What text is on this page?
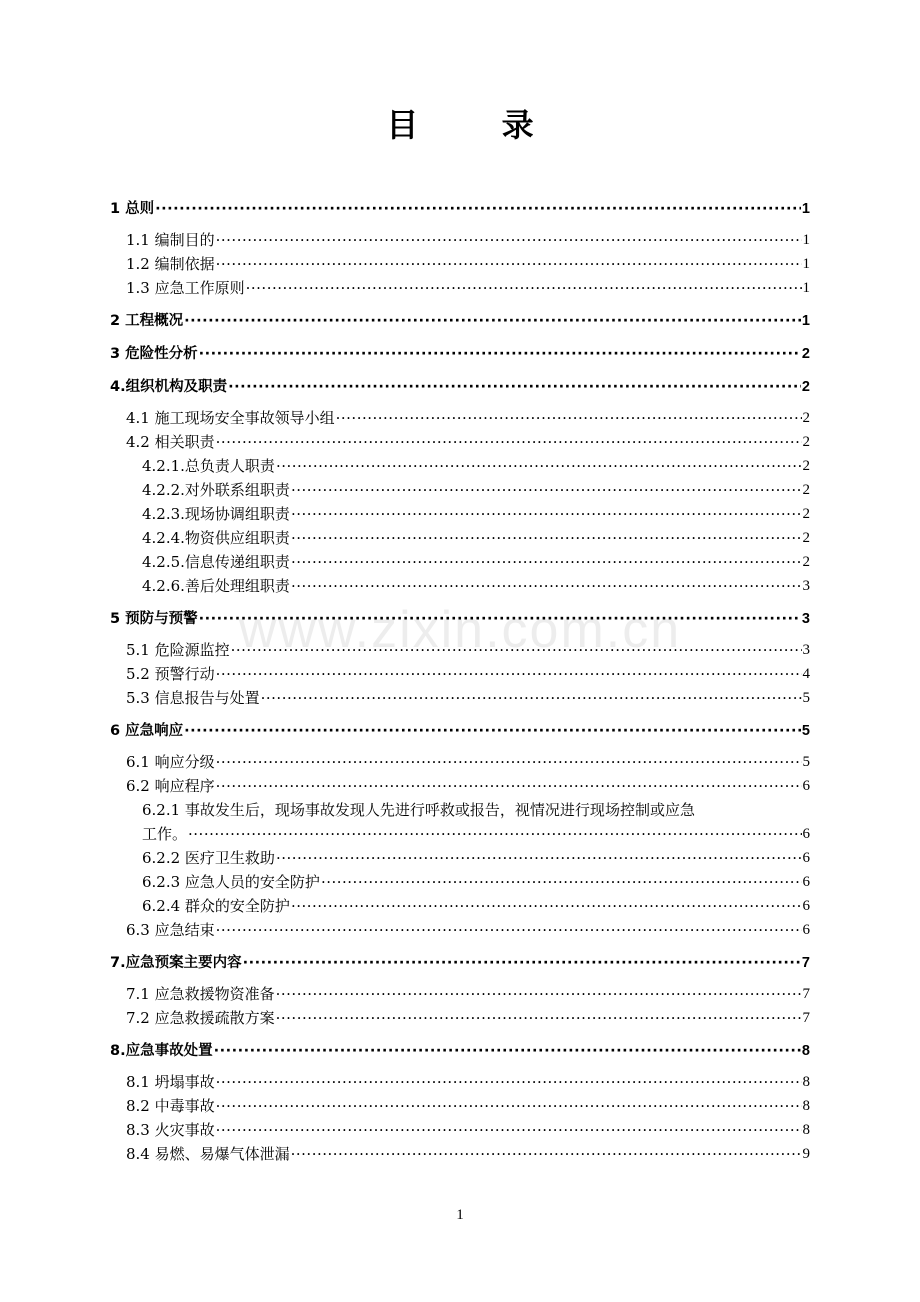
目 录
www.zixin.com.cn
1 总则 ·····	1
1.1 编制目的 ·····	1
1.2 编制依据 ·····	1
1.3 应急工作原则 ·····	1
2 工程概况 ·····	1
3 危险性分析 ·····	2
4.组织机构及职责 ·····	2
4.1 施工现场安全事故领导小组 ·····	2
4.2 相关职责 ·····	2
4.2.1.总负责人职责 ·····	2
4.2.2.对外联系组职责 ·····	2
4.2.3.现场协调组职责 ·····	2
4.2.4.物资供应组职责 ·····	2
4.2.5.信息传递组职责 ·····	2
4.2.6.善后处理组职责 ·····	3
5 预防与预警 ·····	3
5.1 危险源监控 ·····	3
5.2 预警行动 ·····	4
5.3 信息报告与处置 ·····	5
6 应急响应 ·····	5
6.1 响应分级 ·····	5
6.2 响应程序 ·····	6
6.2.1 事故发生后，现场事故发现人先进行呼救或报告，视情况进行现场控制或应急
工作。 ·····	6
6.2.2 医疗卫生救助 ·····	6
6.2.3 应急人员的安全防护 ·····	6
6.2.4 群众的安全防护 ·····	6
6.3 应急结束 ·····	6
7.应急预案主要内容 ·····	7
7.1 应急救援物资准备 ·····	7
7.2 应急救援疏散方案 ·····	7
8.应急事故处置 ·····	8
8.1 坍塌事故 ·····	8
8.2 中毒事故 ·····	8
8.3 火灾事故 ·····	8
8.4 易燃、易爆气体泄漏 ·····	9
1
